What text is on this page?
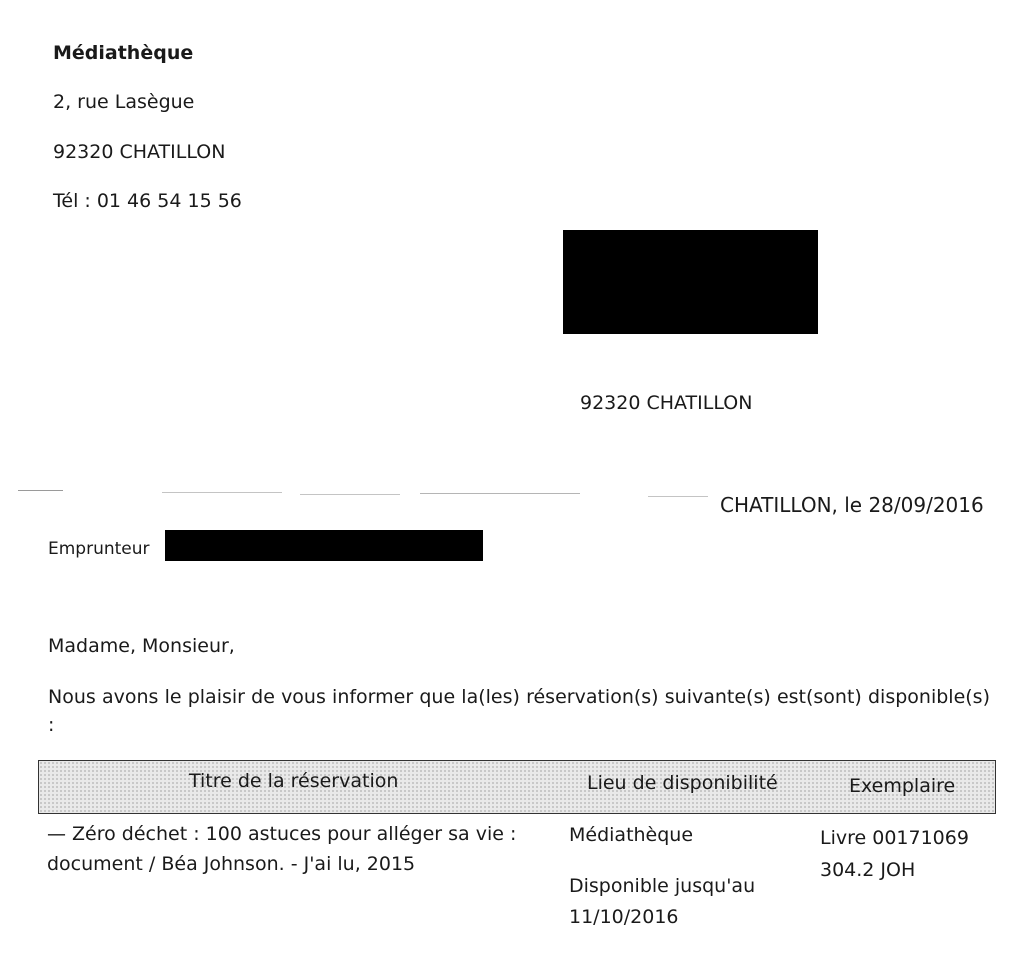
Médiathèque
2, rue Lasègue
92320 CHATILLON
Tél : 01 46 54 15 56
92320 CHATILLON
CHATILLON, le 28/09/2016
Emprunteur
Madame, Monsieur,
Nous avons le plaisir de vous informer que la(les) réservation(s) suivante(s) est(sont) disponible(s) :
Titre de la réservation	Lieu de disponibilité	Exemplaire
— Zéro déchet : 100 astuces pour alléger sa vie :
document / Béa Johnson. - J'ai lu, 2015
Médiathèque
Disponible jusqu'au
11/10/2016
Livre 00171069
304.2 JOH
